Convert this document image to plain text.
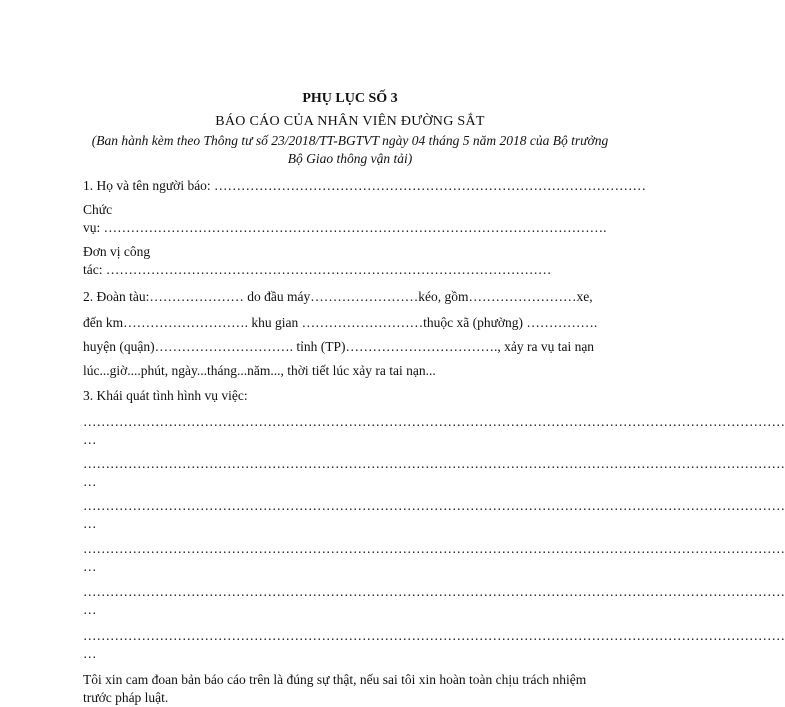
PHỤ LỤC SỐ 3
BÁO CÁO CỦA NHÂN VIÊN ĐƯỜNG SẮT
(Ban hành kèm theo Thông tư số 23/2018/TT-BGTVT ngày 04 tháng 5 năm 2018 của Bộ trưởng
Bộ Giao thông vận tải)
1. Họ và tên người báo: ……………………………………………………………………………………
Chức
vụ: ………………………………………………………………………………………………….
Đơn vị công
tác: ………………………………………………………………………………………
2. Đoàn tàu:………………… do đầu máy……………………kéo, gồm……………………xe,
đến km………………………. khu gian ………………………thuộc xã (phường) …………….
huyện (quận)…………………………. tỉnh (TP)……………………………., xảy ra vụ tai nạn
lúc...giờ....phút, ngày...tháng...năm..., thời tiết lúc xảy ra tai nạn...
3. Khái quát tình hình vụ việc:
…………………………………………………………………………………………………………………………………………
…
…………………………………………………………………………………………………………………………………………
…
…………………………………………………………………………………………………………………………………………
…
…………………………………………………………………………………………………………………………………………
…
…………………………………………………………………………………………………………………………………………
…
…………………………………………………………………………………………………………………………………………
…
Tôi xin cam đoan bản báo cáo trên là đúng sự thật, nếu sai tôi xin hoàn toàn chịu trách nhiệm
trước pháp luật.
